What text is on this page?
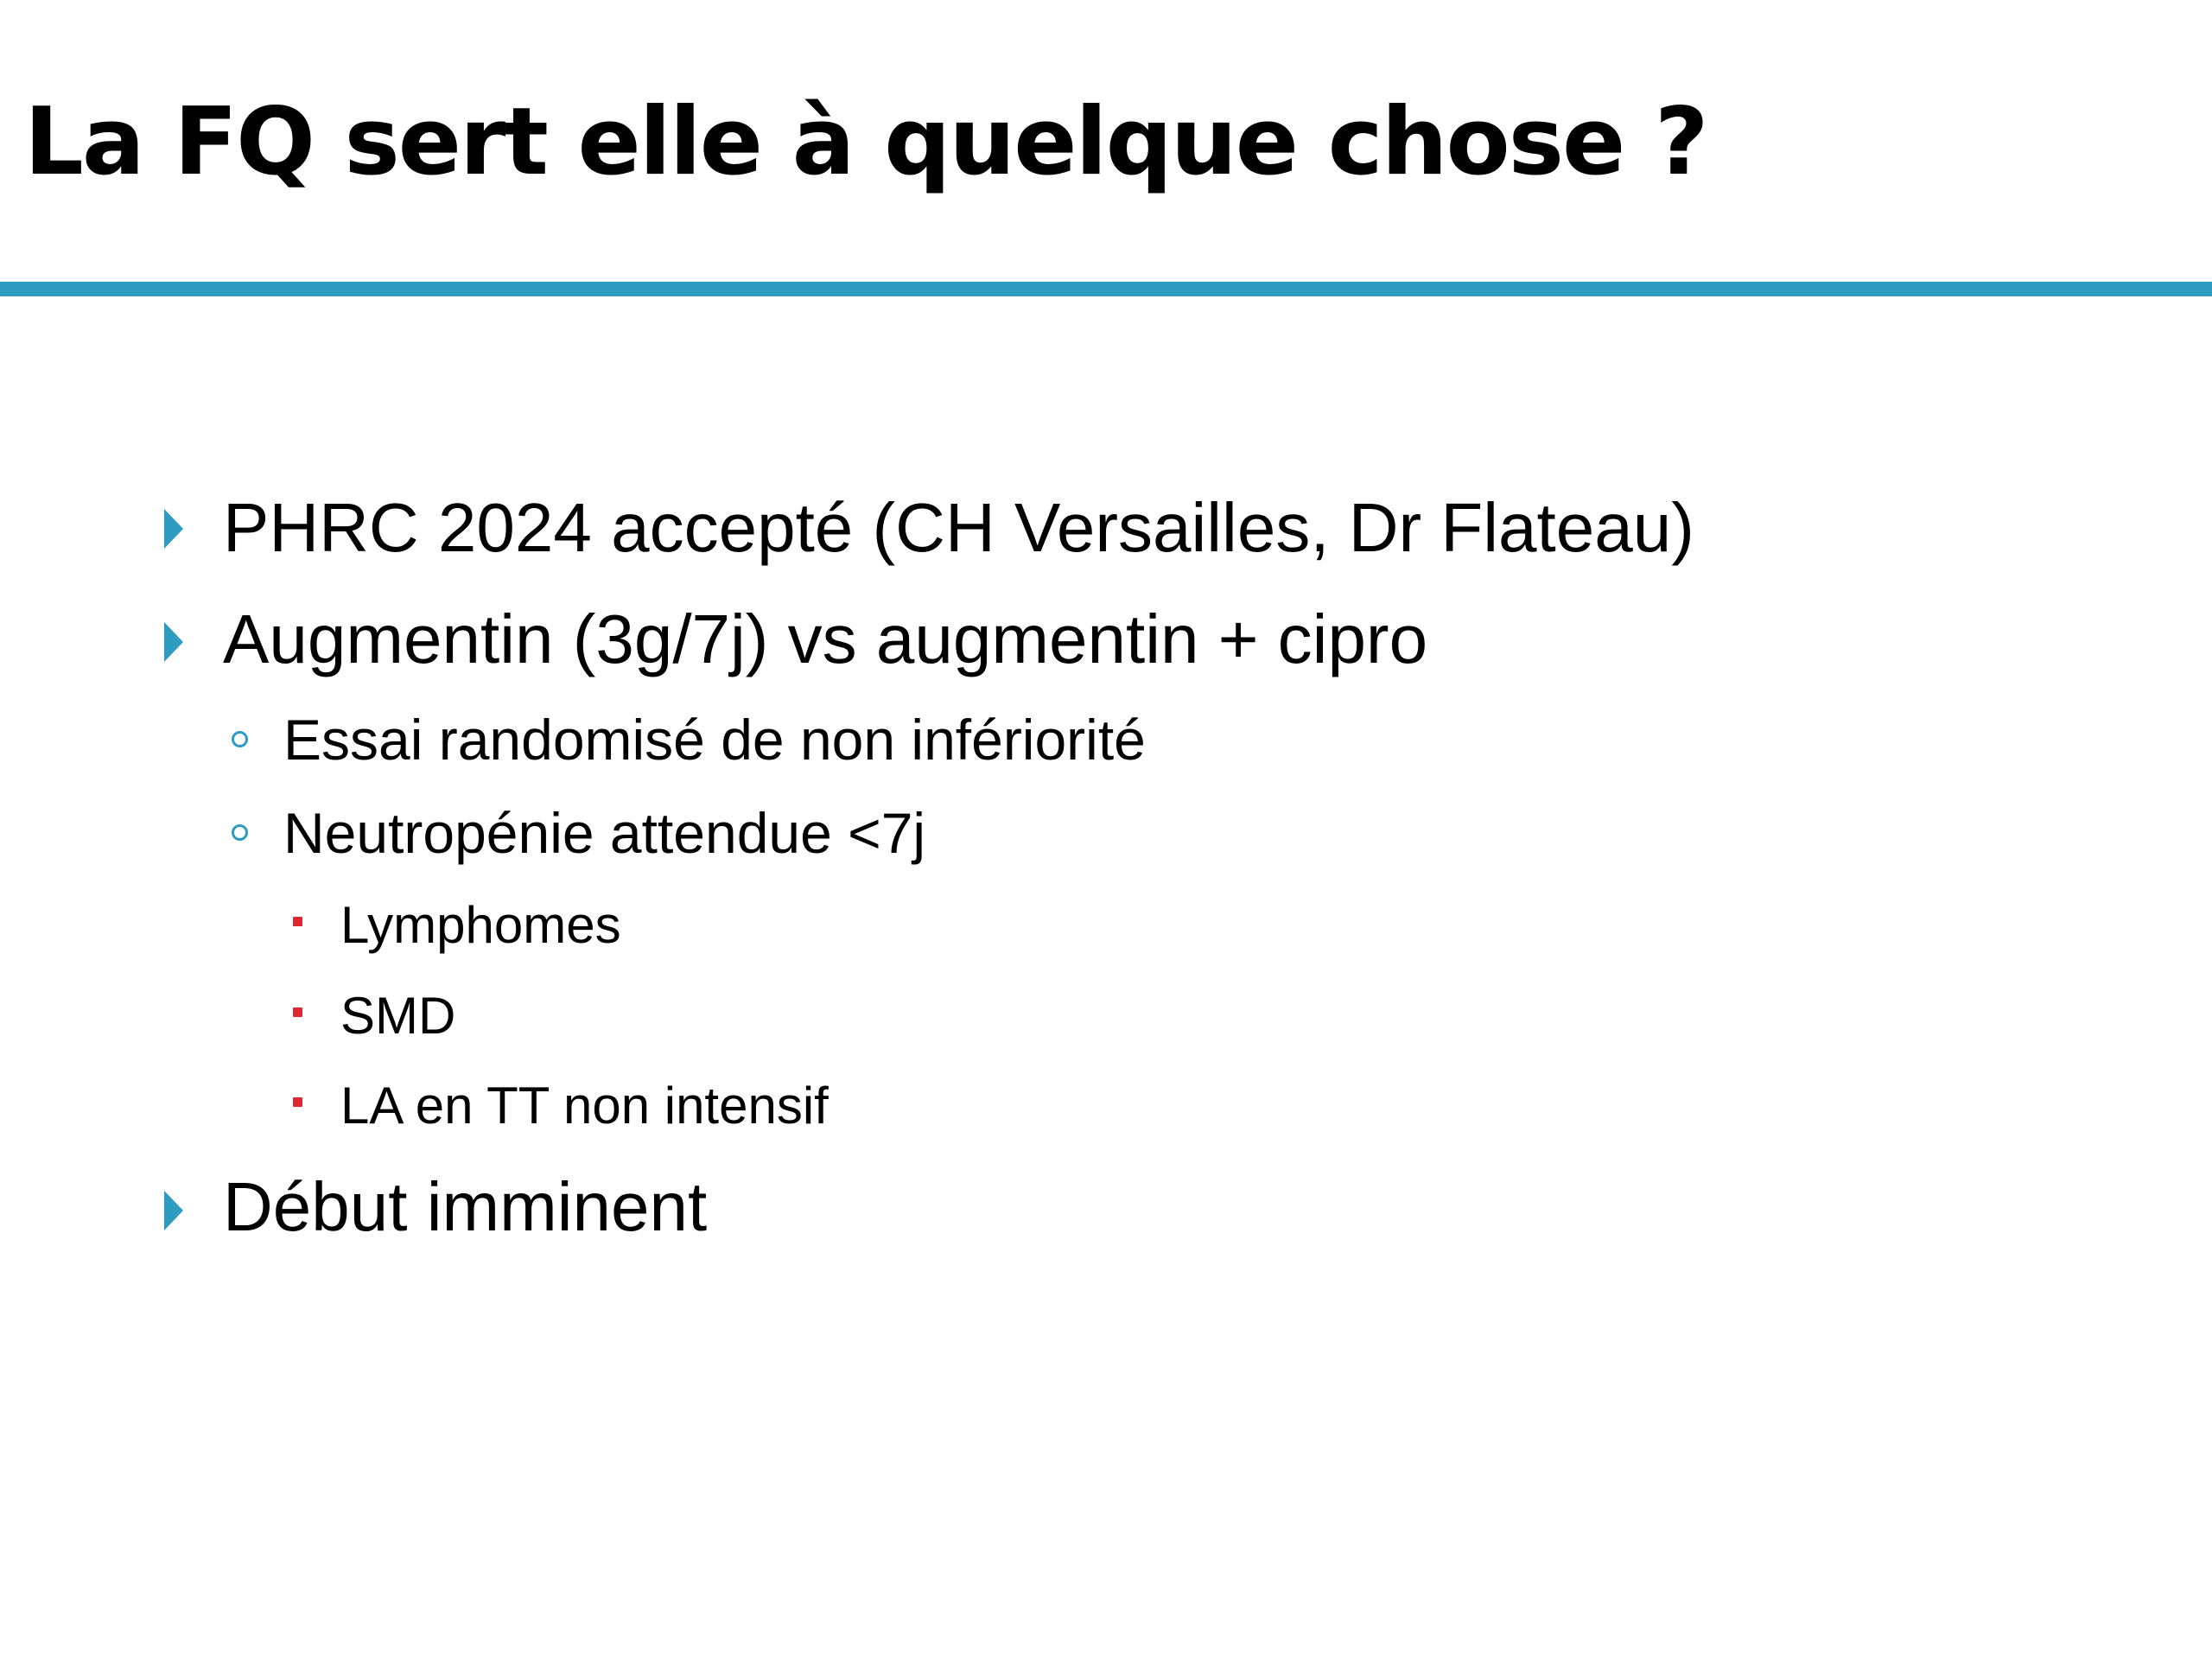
La FQ sert elle à quelque chose ?
PHRC 2024 accepté (CH Versailles, Dr Flateau)
Augmentin (3g/7j) vs augmentin + cipro
Essai randomisé de non infériorité
Neutropénie attendue <7j
Lymphomes
SMD
LA en TT non intensif
Début imminent
